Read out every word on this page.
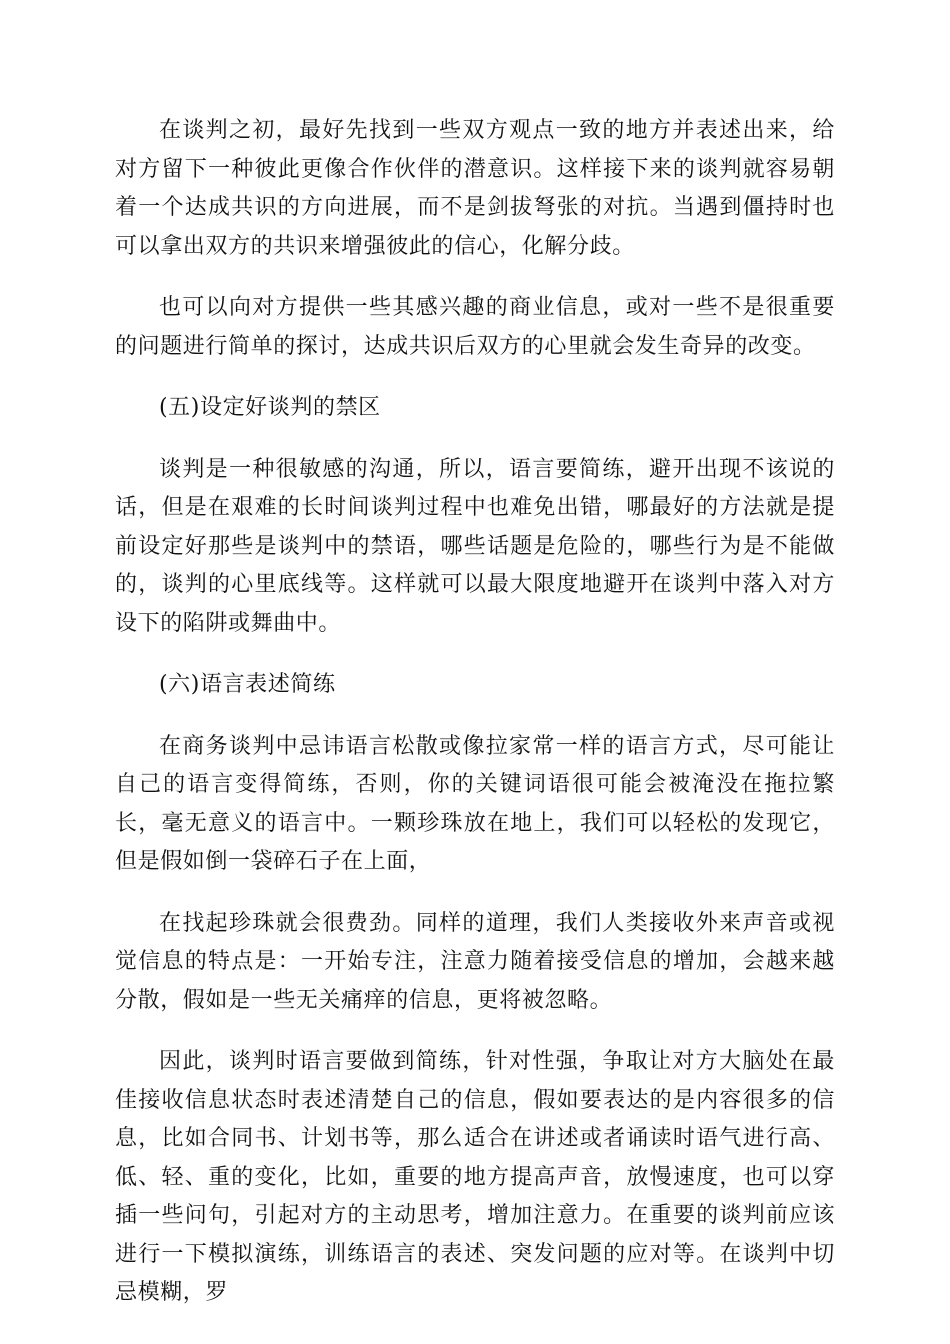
在谈判之初，最好先找到一些双方观点一致的地方并表述出来，给对方留下一种彼此更像合作伙伴的潜意识。这样接下来的谈判就容易朝着一个达成共识的方向进展，而不是剑拔弩张的对抗。当遇到僵持时也可以拿出双方的共识来增强彼此的信心，化解分歧。

也可以向对方提供一些其感兴趣的商业信息，或对一些不是很重要的问题进行简单的探讨，达成共识后双方的心里就会发生奇异的改变。

(五)设定好谈判的禁区

谈判是一种很敏感的沟通，所以，语言要简练，避开出现不该说的话，但是在艰难的长时间谈判过程中也难免出错，哪最好的方法就是提前设定好那些是谈判中的禁语，哪些话题是危险的，哪些行为是不能做的，谈判的心里底线等。这样就可以最大限度地避开在谈判中落入对方设下的陷阱或舞曲中。

(六)语言表述简练

在商务谈判中忌讳语言松散或像拉家常一样的语言方式，尽可能让自己的语言变得简练，否则，你的关键词语很可能会被淹没在拖拉繁长，毫无意义的语言中。一颗珍珠放在地上，我们可以轻松的发现它，但是假如倒一袋碎石子在上面，

在找起珍珠就会很费劲。同样的道理，我们人类接收外来声音或视觉信息的特点是：一开始专注，注意力随着接受信息的增加，会越来越分散，假如是一些无关痛痒的信息，更将被忽略。

因此，谈判时语言要做到简练，针对性强，争取让对方大脑处在最佳接收信息状态时表述清楚自己的信息，假如要表达的是内容很多的信息，比如合同书、计划书等，那么适合在讲述或者诵读时语气进行高、低、轻、重的变化，比如，重要的地方提高声音，放慢速度，也可以穿插一些问句，引起对方的主动思考，增加注意力。在重要的谈判前应该进行一下模拟演练，训练语言的表述、突发问题的应对等。在谈判中切忌模糊，罗
